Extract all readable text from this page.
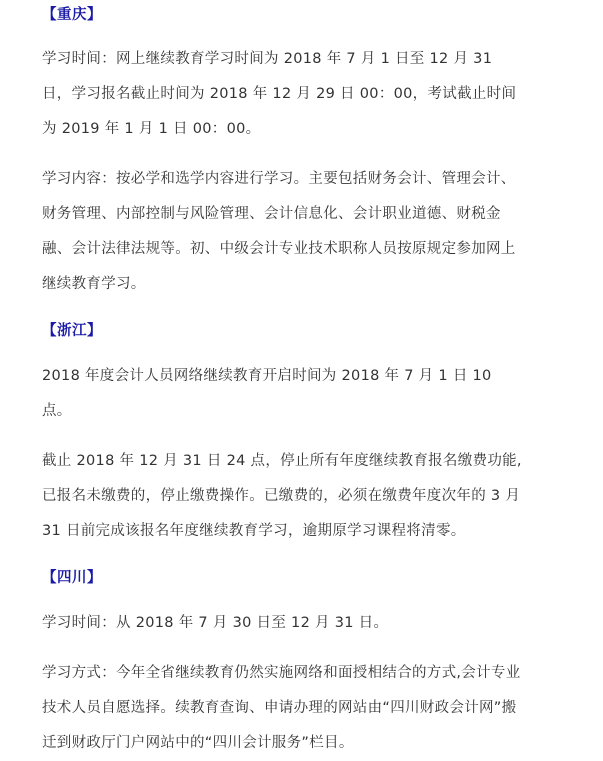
【重庆】

学习时间：网上继续教育学习时间为 2018 年 7 月 1 日至 12 月 31 日，学习报名截止时间为 2018 年 12 月 29 日 00：00，考试截止时间为 2019 年 1 月 1 日 00：00。

学习内容：按必学和选学内容进行学习。主要包括财务会计、管理会计、财务管理、内部控制与风险管理、会计信息化、会计职业道德、财税金融、会计法律法规等。初、中级会计专业技术职称人员按原规定参加网上继续教育学习。

【浙江】

2018 年度会计人员网络继续教育开启时间为 2018 年 7 月 1 日 10 点。

截止 2018 年 12 月 31 日 24 点，停止所有年度继续教育报名缴费功能,已报名未缴费的，停止缴费操作。已缴费的，必须在缴费年度次年的 3 月 31 日前完成该报名年度继续教育学习，逾期原学习课程将清零。

【四川】

学习时间：从 2018 年 7 月 30 日至 12 月 31 日。

学习方式：今年全省继续教育仍然实施网络和面授相结合的方式,会计专业技术人员自愿选择。续教育查询、申请办理的网站由“四川财政会计网”搬迁到财政厅门户网站中的“四川会计服务”栏目。
